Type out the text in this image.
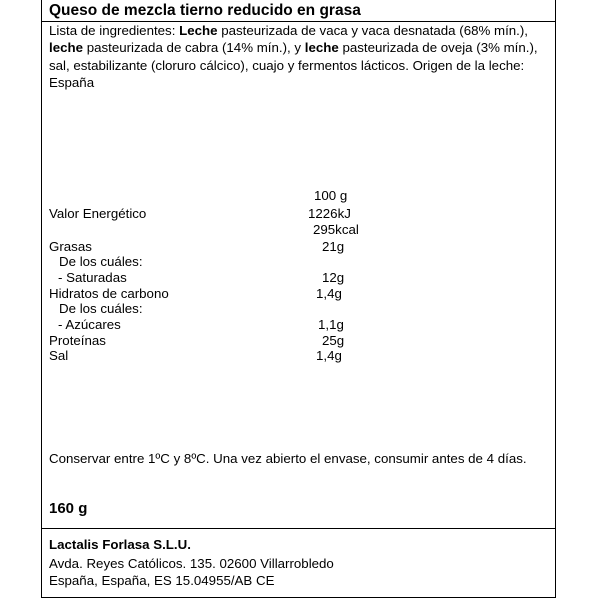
Queso de mezcla tierno reducido en grasa
Lista de ingredientes: Leche pasteurizada de vaca y vaca desnatada (68% mín.), leche pasteurizada de cabra (14% mín.), y leche pasteurizada de oveja (3% mín.), sal, estabilizante (cloruro cálcico), cuajo y fermentos lácticos. Origen de la leche: España
100 g
Valor Energético	1226kJ
295kcal
Grasas	21g
De los cuáles:
- Saturadas	12g
Hidratos de carbono	1,4g
De los cuáles:
- Azúcares	1,1g
Proteínas	25g
Sal	1,4g
Conservar entre 1ºC y 8ºC. Una vez abierto el envase, consumir antes de 4 días.
160 g
Lactalis Forlasa S.L.U.
Avda. Reyes Católicos. 135. 02600 Villarrobledo
España, España, ES 15.04955/AB CE
